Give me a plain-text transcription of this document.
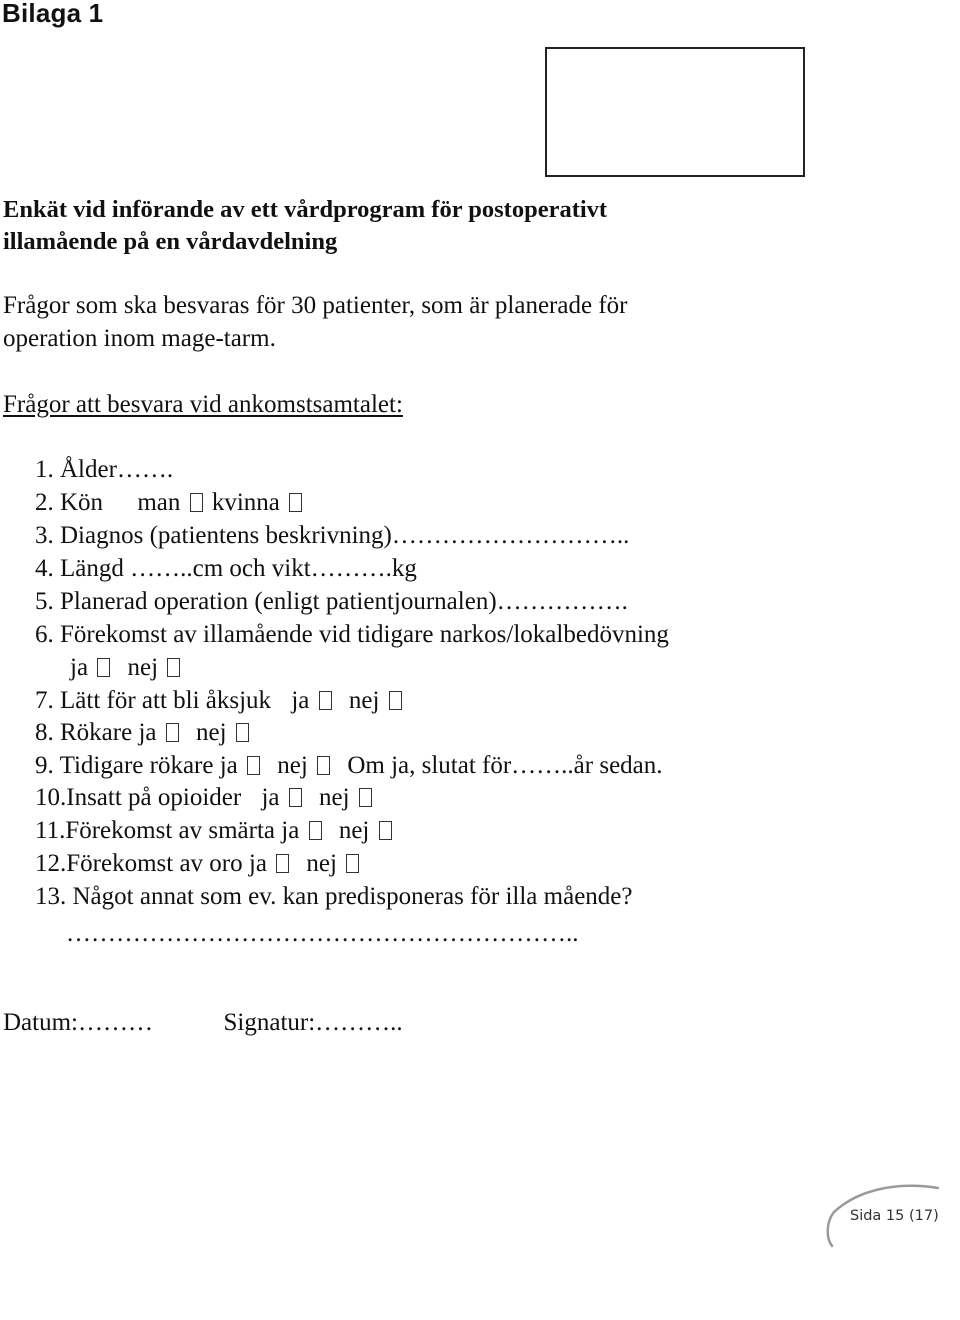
Bilaga 1
Enkät vid införande av ett vårdprogram för postoperativt
illamående på en vårdavdelning
Frågor som ska besvaras för 30 patienter, som är planerade för
operation inom mage-tarm.
Frågor att besvara vid ankomstsamtalet:
1. Ålder…….
2. Kön man kvinna
3. Diagnos (patientens beskrivning)………………………..
4. Längd ……..cm och vikt……….kg
5. Planerad operation (enligt patientjournalen)…………….
6. Förekomst av illamående vid tidigare narkos/lokalbedövning
ja nej
7. Lätt för att bli åksjuk ja nej
8. Rökare ja nej
9. Tidigare rökare ja nej Om ja, slutat för……..år sedan.
10.Insatt på opioider ja nej
11.Förekomst av smärta ja nej
12.Förekomst av oro ja nej
13. Något annat som ev. kan predisponeras för illa mående?
……………………………………………………..
Datum:………	Signatur:………..
Sida 15 (17)
